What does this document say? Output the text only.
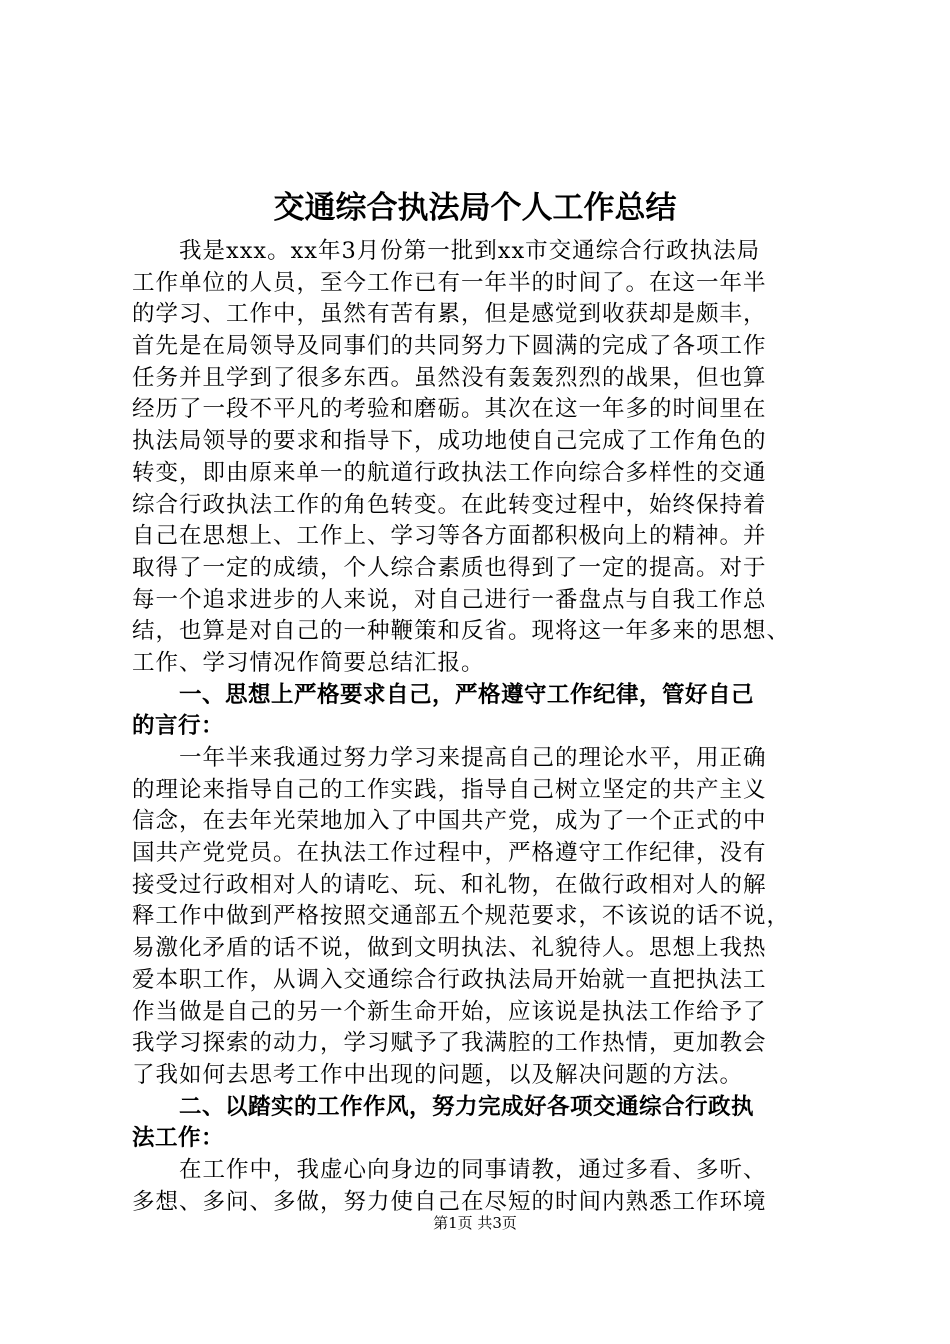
交通综合执法局个人工作总结
我是xxx。xx年3月份第一批到xx市交通综合行政执法局
工作单位的人员，至今工作已有一年半的时间了。在这一年半
的学习、工作中，虽然有苦有累，但是感觉到收获却是颇丰，
首先是在局领导及同事们的共同努力下圆满的完成了各项工作
任务并且学到了很多东西。虽然没有轰轰烈烈的战果，但也算
经历了一段不平凡的考验和磨砺。其次在这一年多的时间里在
执法局领导的要求和指导下，成功地使自己完成了工作角色的
转变，即由原来单一的航道行政执法工作向综合多样性的交通
综合行政执法工作的角色转变。在此转变过程中，始终保持着
自己在思想上、工作上、学习等各方面都积极向上的精神。并
取得了一定的成绩，个人综合素质也得到了一定的提高。对于
每一个追求进步的人来说，对自己进行一番盘点与自我工作总
结，也算是对自己的一种鞭策和反省。现将这一年多来的思想、
工作、学习情况作简要总结汇报。
一、思想上严格要求自己，严格遵守工作纪律，管好自己
的言行：
一年半来我通过努力学习来提高自己的理论水平，用正确
的理论来指导自己的工作实践，指导自己树立坚定的共产主义
信念，在去年光荣地加入了中国共产党，成为了一个正式的中
国共产党党员。在执法工作过程中，严格遵守工作纪律，没有
接受过行政相对人的请吃、玩、和礼物，在做行政相对人的解
释工作中做到严格按照交通部五个规范要求，不该说的话不说，
易激化矛盾的话不说，做到文明执法、礼貌待人。思想上我热
爱本职工作，从调入交通综合行政执法局开始就一直把执法工
作当做是自己的另一个新生命开始，应该说是执法工作给予了
我学习探索的动力，学习赋予了我满腔的工作热情，更加教会
了我如何去思考工作中出现的问题，以及解决问题的方法。
二、以踏实的工作作风，努力完成好各项交通综合行政执
法工作：
在工作中，我虚心向身边的同事请教，通过多看、多听、
多想、多问、多做，努力使自己在尽短的时间内熟悉工作环境
第1页 共3页
